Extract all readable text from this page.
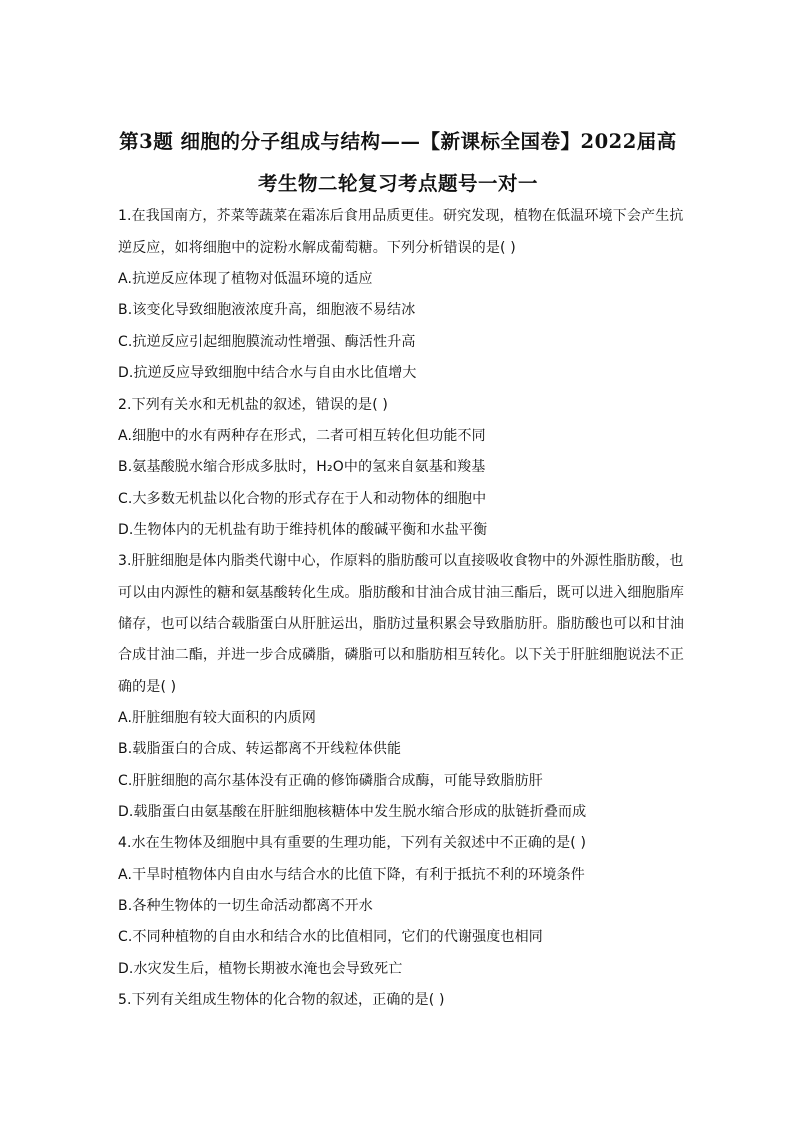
第3题 细胞的分子组成与结构——【新课标全国卷】2022届高
考生物二轮复习考点题号一对一
1.在我国南方，芥菜等蔬菜在霜冻后食用品质更佳。研究发现，植物在低温环境下会产生抗
逆反应，如将细胞中的淀粉水解成葡萄糖。下列分析错误的是( )
A.抗逆反应体现了植物对低温环境的适应
B.该变化导致细胞液浓度升高，细胞液不易结冰
C.抗逆反应引起细胞膜流动性增强、酶活性升高
D.抗逆反应导致细胞中结合水与自由水比值增大
2.下列有关水和无机盐的叙述，错误的是( )
A.细胞中的水有两种存在形式，二者可相互转化但功能不同
B.氨基酸脱水缩合形成多肽时，H₂O中的氢来自氨基和羧基
C.大多数无机盐以化合物的形式存在于人和动物体的细胞中
D.生物体内的无机盐有助于维持机体的酸碱平衡和水盐平衡
3.肝脏细胞是体内脂类代谢中心，作原料的脂肪酸可以直接吸收食物中的外源性脂肪酸，也
可以由内源性的糖和氨基酸转化生成。脂肪酸和甘油合成甘油三酯后，既可以进入细胞脂库
储存，也可以结合载脂蛋白从肝脏运出，脂肪过量积累会导致脂肪肝。脂肪酸也可以和甘油
合成甘油二酯，并进一步合成磷脂，磷脂可以和脂肪相互转化。以下关于肝脏细胞说法不正
确的是( )
A.肝脏细胞有较大面积的内质网
B.载脂蛋白的合成、转运都离不开线粒体供能
C.肝脏细胞的高尔基体没有正确的修饰磷脂合成酶，可能导致脂肪肝
D.载脂蛋白由氨基酸在肝脏细胞核糖体中发生脱水缩合形成的肽链折叠而成
4.水在生物体及细胞中具有重要的生理功能，下列有关叙述中不正确的是( )
A.干旱时植物体内自由水与结合水的比值下降，有利于抵抗不利的环境条件
B.各种生物体的一切生命活动都离不开水
C.不同种植物的自由水和结合水的比值相同，它们的代谢强度也相同
D.水灾发生后，植物长期被水淹也会导致死亡
5.下列有关组成生物体的化合物的叙述，正确的是( )
